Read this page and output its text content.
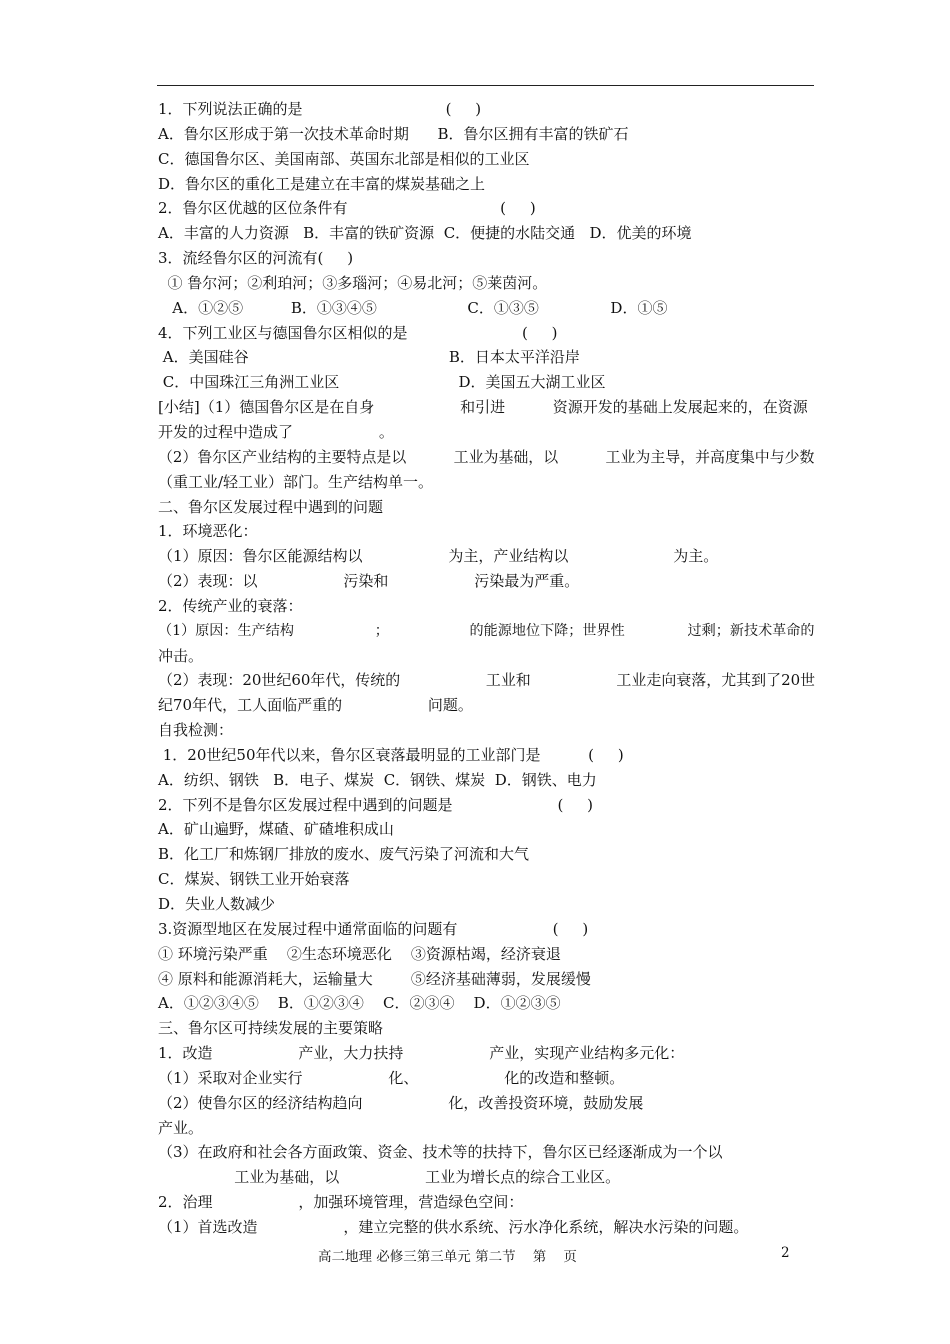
1．下列说法正确的是                              (     )
A．鲁尔区形成于第一次技术革命时期      B．鲁尔区拥有丰富的铁矿石
C．德国鲁尔区、美国南部、英国东北部是相似的工业区
D．鲁尔区的重化工是建立在丰富的煤炭基础之上
2．鲁尔区优越的区位条件有                                (     )
A．丰富的人力资源   B．丰富的铁矿资源  C．便捷的水陆交通   D．优美的环境
3．流经鲁尔区的河流有(     )
① 鲁尔河；②利珀河；③多瑙河；④易北河；⑤莱茵河。
A．①②⑤          B．①③④⑤                   C．①③⑤               D．①⑤
4．下列工业区与德国鲁尔区相似的是                        (     )
A．美国硅谷                                          B．日本太平洋沿岸
C．中国珠江三角洲工业区                         D．美国五大湖工业区
[小结]（1）德国鲁尔区是在自身                  和引进          资源开发的基础上发展起来的，在资源
开发的过程中造成了                  。
（2）鲁尔区产业结构的主要特点是以          工业为基础，以          工业为主导，并高度集中与少数
（重工业/轻工业）部门。生产结构单一。
二、鲁尔区发展过程中遇到的问题
1．环境恶化：
（1）原因：鲁尔区能源结构以                  为主，产业结构以                      为主。
（2）表现：以                  污染和                  污染最为严重。
2．传统产业的衰落：
（1）原因：生产结构                  ；                  的能源地位下降；世界性              过剩；新技术革命的
冲击。
（2）表现：20世纪60年代，传统的                  工业和                  工业走向衰落，尤其到了20世
纪70年代，工人面临严重的                  问题。
自我检测：
1．20世纪50年代以来，鲁尔区衰落最明显的工业部门是          (     )
A．纺织、钢铁   B．电子、煤炭  C．钢铁、煤炭  D．钢铁、电力
2．下列不是鲁尔区发展过程中遇到的问题是                      (     )
A．矿山遍野，煤碴、矿碴堆积成山
B．化工厂和炼钢厂排放的废水、废气污染了河流和大气
C．煤炭、钢铁工业开始衰落
D．失业人数减少
3.资源型地区在发展过程中通常面临的问题有                    (     )
① 环境污染严重    ②生态环境恶化    ③资源枯竭，经济衰退
④ 原料和能源消耗大，运输量大        ⑤经济基础薄弱，发展缓慢
A．①②③④⑤    B．①②③④    C．②③④    D．①②③⑤
三、鲁尔区可持续发展的主要策略
1．改造                  产业，大力扶持                  产业，实现产业结构多元化：
（1）采取对企业实行                  化、                  化的改造和整顿。
（2）使鲁尔区的经济结构趋向                  化，改善投资环境，鼓励发展
产业。
（3）在政府和社会各方面政策、资金、技术等的扶持下，鲁尔区已经逐渐成为一个以
工业为基础，以                  工业为增长点的综合工业区。
2．治理                  ，加强环境管理，营造绿色空间：
（1）首选改造                  ，建立完整的供水系统、污水净化系统，解决水污染的问题。
高二地理 必修三第三单元 第二节    第    页	2
